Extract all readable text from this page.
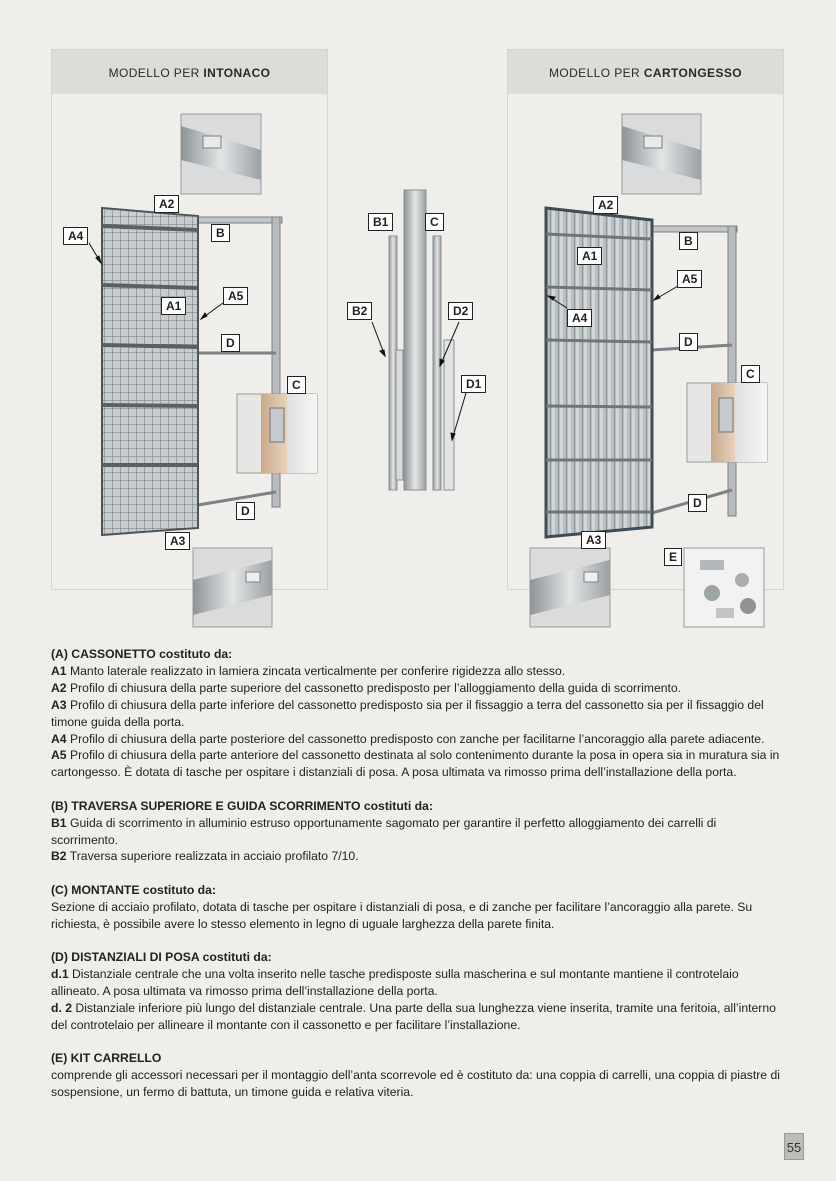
MODELLO PER INTONACO	MODELLO PER CARTONGESSO
A2
A4	B
A1
A5
D
C
D
A3
B1	C
B2	D2
D1
A2
B
A1
A5
A4
D
C
D
A3
E

(A) CASSONETTO costituto da:

A1 Manto laterale realizzato in lamiera zincata verticalmente per conferire rigidezza allo stesso.

A2 Profilo di chiusura della parte superiore del cassonetto predisposto per l’alloggiamento della guida di scorrimento.

A3 Profilo di chiusura della parte inferiore del cassonetto predisposto sia per il fissaggio a terra del cassonetto sia per il fissaggio del timone guida della porta.

A4 Profilo di chiusura della parte posteriore del cassonetto predisposto con zanche per facilitarne l’ancoraggio alla parete adiacente.

A5 Profilo di chiusura della parte anteriore del cassonetto destinata al solo contenimento durante la posa in opera sia in muratura sia in cartongesso. È dotata di tasche per ospitare i distanziali di posa. A posa ultimata va rimosso prima dell’installazione della porta.

(B) TRAVERSA SUPERIORE E GUIDA SCORRIMENTO costituti da:

B1 Guida di scorrimento in alluminio estruso opportunamente sagomato per garantire il perfetto alloggiamento dei carrelli di scorrimento.

B2 Traversa superiore realizzata in acciaio profilato 7/10.

(C) MONTANTE costituto da:

Sezione di acciaio profilato, dotata di tasche per ospitare i distanziali di posa, e di zanche per facilitare l’ancoraggio alla parete. Su richiesta, è possibile avere lo stesso elemento in legno di uguale larghezza della parete finita.

(D) DISTANZIALI DI POSA costituti da:

d.1 Distanziale centrale che una volta inserito nelle tasche predisposte sulla mascherina e sul montante mantiene il controtelaio allineato. A posa ultimata va rimosso prima dell’installazione della porta.

d. 2 Distanziale inferiore più lungo del distanziale centrale. Una parte della sua lunghezza viene inserita, tramite una feritoia, all’interno del controtelaio per allineare il montante con il cassonetto e per facilitare l’installazione.

(E) KIT CARRELLO

comprende gli accessori necessari per il montaggio dell’anta scorrevole ed è costituto da: una coppia di carrelli, una coppia di piastre di sospensione, un fermo di battuta, un timone guida e relativa viteria.

55
